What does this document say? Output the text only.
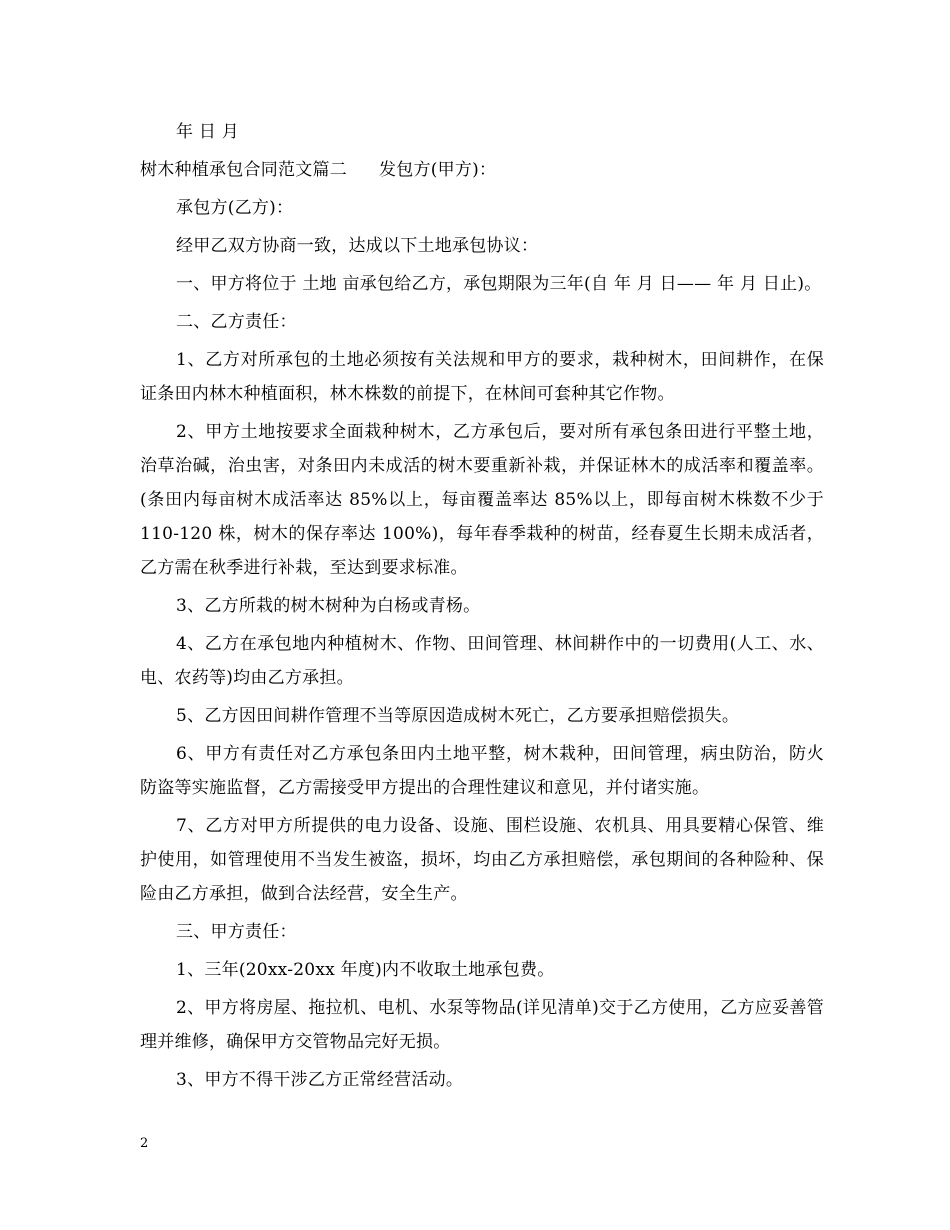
年 日 月

树木种植承包合同范文篇二 发包方(甲方)：

承包方(乙方)：

经甲乙双方协商一致，达成以下土地承包协议：

一、甲方将位于 土地 亩承包给乙方，承包期限为三年(自 年 月 日—— 年 月 日止)。

二、乙方责任：

1、乙方对所承包的土地必须按有关法规和甲方的要求，栽种树木，田间耕作，在保证条田内林木种植面积，林木株数的前提下，在林间可套种其它作物。

2、甲方土地按要求全面栽种树木，乙方承包后，要对所有承包条田进行平整土地，治草治碱，治虫害，对条田内未成活的树木要重新补栽，并保证林木的成活率和覆盖率。(条田内每亩树木成活率达 85%以上，每亩覆盖率达 85%以上，即每亩树木株数不少于 110-120 株，树木的保存率达 100%)，每年春季栽种的树苗，经春夏生长期未成活者，乙方需在秋季进行补栽，至达到要求标准。

3、乙方所栽的树木树种为白杨或青杨。

4、乙方在承包地内种植树木、作物、田间管理、林间耕作中的一切费用(人工、水、电、农药等)均由乙方承担。

5、乙方因田间耕作管理不当等原因造成树木死亡，乙方要承担赔偿损失。

6、甲方有责任对乙方承包条田内土地平整，树木栽种，田间管理，病虫防治，防火防盗等实施监督，乙方需接受甲方提出的合理性建议和意见，并付诸实施。

7、乙方对甲方所提供的电力设备、设施、围栏设施、农机具、用具要精心保管、维护使用，如管理使用不当发生被盗，损坏，均由乙方承担赔偿，承包期间的各种险种、保险由乙方承担，做到合法经营，安全生产。

三、甲方责任：

1、三年(20xx-20xx 年度)内不收取土地承包费。

2、甲方将房屋、拖拉机、电机、水泵等物品(详见清单)交于乙方使用，乙方应妥善管理并维修，确保甲方交管物品完好无损。

3、甲方不得干涉乙方正常经营活动。

2
